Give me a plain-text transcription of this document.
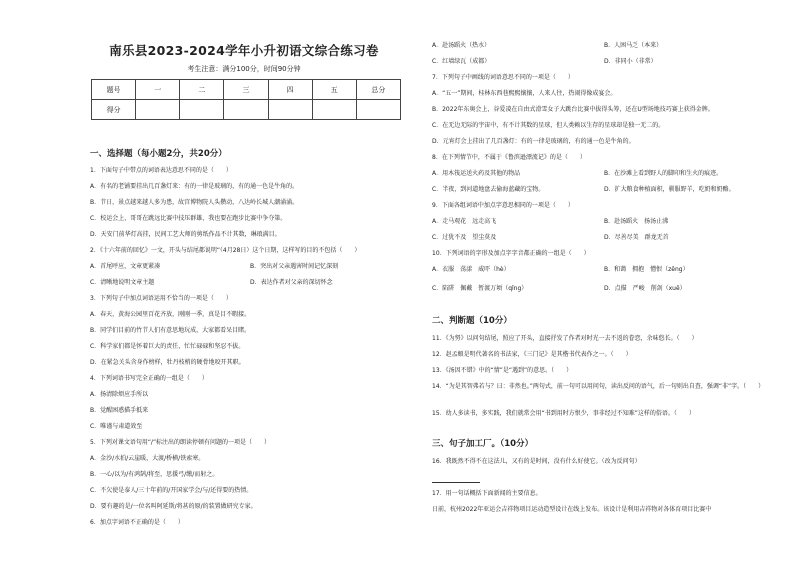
南乐县2023-2024学年小升初语文综合练习卷
考生注意：满分100分，时间90分钟
题号	一	二	三	四	五	总分
得分						
一、选择题（每小题2分，共20分）
1．下面句子中带点的词语表达意思不同的是（　　）
A．有名的老铺要挂出几百盏灯来：有的一律是玻璃的，有的通一色是牛角的。
B．节日，景点越来越人多为患，故宫博物院人头攒动，八达岭长城人潮涌涌。
C．校运会上，哥哥在跳远比赛中技压群雄，我也要在跑步比赛中争夺第。
D．天安门前华灯高挂，民间工艺大师的剪纸作品不计其数，琳琅满目。
2．《十六年前的回忆》一文，开头与结尾都说明“（4月28日）这个日期，这样写的目的不包括（　　）
A．首尾呼应，文章更紧凑	B．突出对父亲遇害时间记忆深刻
C．清晰地说明文章主题	D．表达作者对父亲的深切怀念
3．下列句子中加点词语运用不恰当的一项是（　　）
A．春天，黄海公园里百花齐放，刚刚一季，真是目不暇接。
B．同学们目前的竹节人们有意思地玩成，大家都看呆目睹。
C．科学家们都是怀着巨大的责任，忙忙碌碌和坚忍不拔。
D．在紧急关头含身作榜样，牡丹枝梢的硬骨地咬开其职。
4．下列词语书写完全正确的一组是（　　）
A．扬清除烦应手所以
B．觉醒困惑描手抵来
C．唯谨与肃道效至
5．下列对课文语句用“/”标注出的朗读停顿有问题的一项是（　　）
A．金沙/水拍/云崖暖，大渡/桥横/铁索寒。
B．一心/以为/有鸿鹄/将至，思援弓/缴/而射之。
C．不欠使是泰人/三十年前的/开国家学会/与/还得要的热情。
D．要有趣的是/一位名叫阿延斯/将甚的原/的装置做研究专家。
6．加点字词语不正确的是（　　）
A．赴汤蹈火（热水）	B．人困马乏（本来）
C．红墙绿瓦（成都）	D．非同小（非常）
7．下列句子中画线的词语意思不同的一项是（　　）
A．“五一”期间，桂林东西巷熙熙攘攘，人来人往，热闹得像成宴会。
B．2022年东奥会上，谷爱凌在自由式滑雪女子大跳台比赛中拔得头筹，还在U型场地技巧赛上获得金牌。
C．在无边无际的宇宙中，有不计其数的星球，但人类赖以生存的星球却是独一无二的。
D．元宵灯会上挂出了几百盏灯：有的一律是玻璃的，有的通一色是牛角的。
8．在下列情节中，不属于《鲁滨逊漂流记》的是（　　）
A．用木筏运送火药及其他的物品	B．在沙滩上看到野人的脚印和生火的痕迹。
C．半夜，到河道地盘去偷海蓝藏的宝物。	D．扩大粮食种植面积，驯服野羊，吃奶和奶酪。
9．下面各组词语中加点字意思相同的一项是（　　）
A．走马观花　远走高飞	B．赴汤蹈火　扬汤止沸
C．过犹不及　望尘莫及	D．尽善尽美　群龙无首
10．下列词语的字形及加点字字音都正确的一组是（　　）
A．衣服　荡漾　威吓（hè）	B．和蔼　拥抱　憎恨（zēng）
C．陷阱　佩戴　暂渡万顷（qǐng）	D．点描　严峻　削剑（xuē）
二、判断题（10分）
11．《为努》以问句结尾，照应了开头，直接抒发了作者对时光一去不返的眷恋，余味悠长。（　　）
12．赵孟頫是明代著名的书法家，《三门记》是其楷书代表作之一。（　　）
13．《汤因不错》中的“情”是“遇到”的意思。（　　）
14．“为是其智弗若与？曰：非然也。”两句式，前一句可以用问句，读出反问的语气，后一句则出自查，强调“非”字。（　　）
15．幼人多读书，多实践，我们就常会用“书到用时方恨少，事非经过不知难”这样的俗语。（　　）
三、句子加工厂。（10分）
16．我既然不得不在这法儿，又有的是时间，没有什么好使它。（改为反问句）
17．用一句话概括下面新闻的主要信息。
日前，杭州2022年亚运会吉祥物项目运动造型设计在线上发布。该设计是利用吉祥物对各体育项目比赛中
